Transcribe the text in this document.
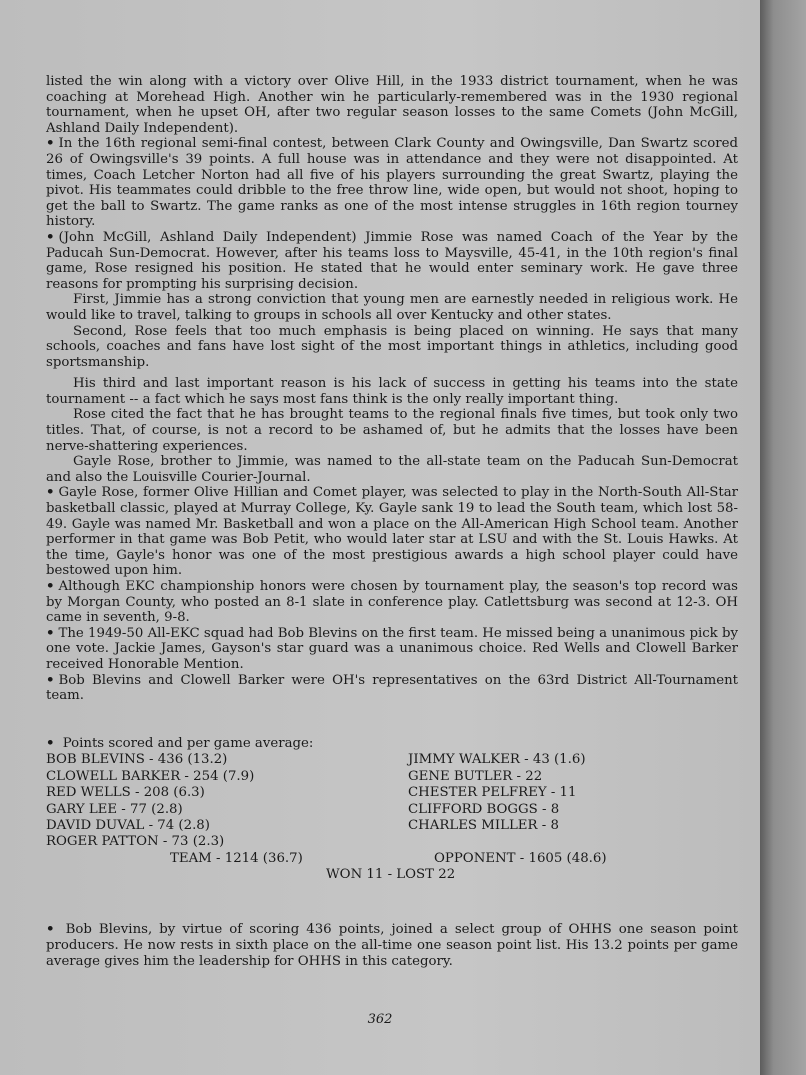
listed the win along with a victory over Olive Hill, in the 1933 district tournament, when he was coaching at Morehead High. Another win he particularly-remembered was in the 1930 regional tournament, when he upset OH, after two regular season losses to the same Comets (John McGill, Ashland Daily Independent).

• In the 16th regional semi-final contest, between Clark County and Owingsville, Dan Swartz scored 26 of Owingsville's 39 points. A full house was in attendance and they were not disappointed. At times, Coach Letcher Norton had all five of his players surrounding the great Swartz, playing the pivot. His teammates could dribble to the free throw line, wide open, but would not shoot, hoping to get the ball to Swartz. The game ranks as one of the most intense struggles in 16th region tourney history.

• (John McGill, Ashland Daily Independent) Jimmie Rose was named Coach of the Year by the Paducah Sun-Democrat. However, after his teams loss to Maysville, 45-41, in the 10th region's final game, Rose resigned his position. He stated that he would enter seminary work. He gave three reasons for prompting his surprising decision.

First, Jimmie has a strong conviction that young men are earnestly needed in religious work. He would like to travel, talking to groups in schools all over Kentucky and other states.

Second, Rose feels that too much emphasis is being placed on winning. He says that many schools, coaches and fans have lost sight of the most important things in athletics, including good sportsmanship.

His third and last important reason is his lack of success in getting his teams into the state tournament -- a fact which he says most fans think is the only really important thing.

Rose cited the fact that he has brought teams to the regional finals five times, but took only two titles. That, of course, is not a record to be ashamed of, but he admits that the losses have been nerve-shattering experiences.

Gayle Rose, brother to Jimmie, was named to the all-state team on the Paducah Sun-Democrat and also the Louisville Courier-Journal.

• Gayle Rose, former Olive Hillian and Comet player, was selected to play in the North-South All-Star basketball classic, played at Murray College, Ky. Gayle sank 19 to lead the South team, which lost 58-49. Gayle was named Mr. Basketball and won a place on the All-American High School team. Another performer in that game was Bob Petit, who would later star at LSU and with the St. Louis Hawks. At the time, Gayle's honor was one of the most prestigious awards a high school player could have bestowed upon him.

• Although EKC championship honors were chosen by tournament play, the season's top record was by Morgan County, who posted an 8-1 slate in conference play. Catlettsburg was second at 12-3. OH came in seventh, 9-8.

• The 1949-50 All-EKC squad had Bob Blevins on the first team. He missed being a unanimous pick by one vote. Jackie James, Gayson's star guard was a unanimous choice. Red Wells and Clowell Barker received Honorable Mention.

• Bob Blevins and Clowell Barker were OH's representatives on the 63rd District All-Tournament team.

• Points scored and per game average:
BOB BLEVINS - 436 (13.2)
CLOWELL BARKER - 254 (7.9)
RED WELLS - 208 (6.3)
GARY LEE - 77 (2.8)
DAVID DUVAL - 74 (2.8)
ROGER PATTON - 73 (2.3)
JIMMY WALKER - 43 (1.6)
GENE BUTLER - 22
CHESTER PELFREY - 11
CLIFFORD BOGGS - 8
CHARLES MILLER - 8
TEAM - 1214 (36.7)	OPPONENT - 1605 (48.6)
WON 11 - LOST 22
• Bob Blevins, by virtue of scoring 436 points, joined a select group of OHHS one season point producers. He now rests in sixth place on the all-time one season point list. His 13.2 points per game average gives him the leadership for OHHS in this category.
362
